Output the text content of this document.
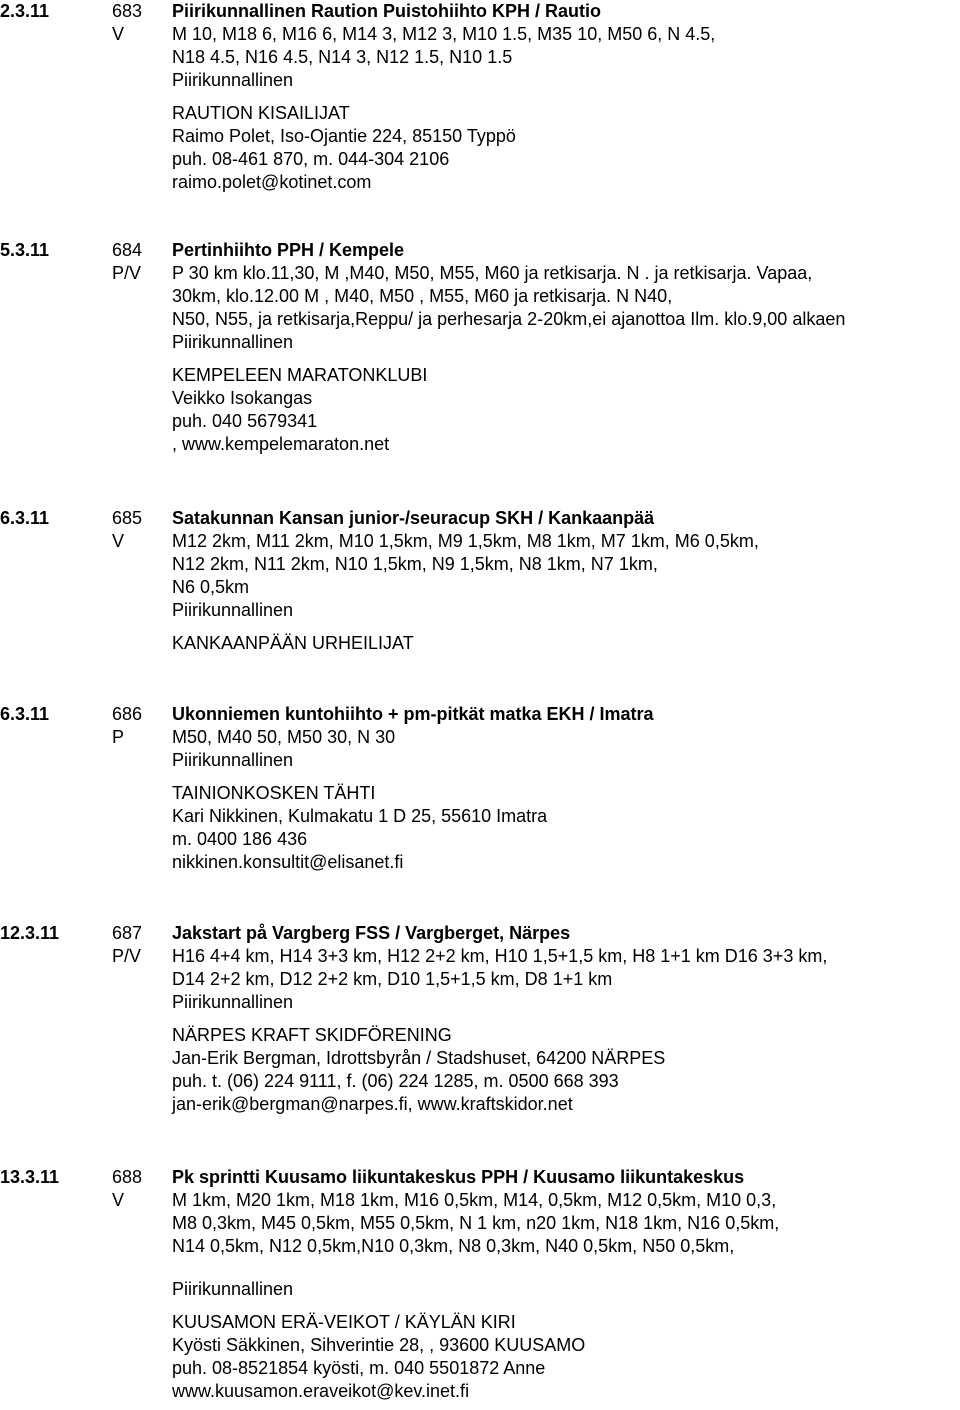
2.3.11	683
V
Piirikunnallinen Raution Puistohiihto KPH / Rautio
M 10, M18 6, M16 6, M14 3, M12 3, M10 1.5, M35 10, M50 6, N 4.5,
N18 4.5, N16 4.5, N14 3, N12 1.5, N10 1.5
Piirikunnallinen
RAUTION KISAILIJAT
Raimo Polet, Iso-Ojantie 224, 85150 Typpö
puh. 08-461 870, m. 044-304 2106
raimo.polet@kotinet.com
5.3.11	684
P/V
Pertinhiihto PPH / Kempele
P 30 km klo.11,30, M ,M40, M50, M55, M60 ja retkisarja. N . ja retkisarja. Vapaa,
30km, klo.12.00 M , M40, M50 , M55, M60 ja retkisarja. N N40,
N50, N55, ja retkisarja,Reppu/ ja perhesarja 2-20km,ei ajanottoa Ilm. klo.9,00 alkaen
Piirikunnallinen
KEMPELEEN MARATONKLUBI
Veikko Isokangas
puh. 040 5679341
, www.kempelemaraton.net
6.3.11	685
V
Satakunnan Kansan junior-/seuracup SKH / Kankaanpää
M12 2km, M11 2km, M10 1,5km, M9 1,5km, M8 1km, M7 1km, M6 0,5km,
N12 2km, N11 2km, N10 1,5km, N9 1,5km, N8 1km, N7 1km,
N6 0,5km
Piirikunnallinen
KANKAANPÄÄN URHEILIJAT
6.3.11	686
P
Ukonniemen kuntohiihto + pm-pitkät matka EKH / Imatra
M50, M40 50, M50 30, N 30
Piirikunnallinen
TAINIONKOSKEN TÄHTI
Kari Nikkinen, Kulmakatu 1 D 25, 55610 Imatra
m. 0400 186 436
nikkinen.konsultit@elisanet.fi
12.3.11	687
P/V
Jakstart på Vargberg FSS / Vargberget, Närpes
H16 4+4 km, H14 3+3 km, H12 2+2 km, H10 1,5+1,5 km, H8 1+1 km D16 3+3 km,
D14 2+2 km, D12 2+2 km, D10 1,5+1,5 km, D8 1+1 km
Piirikunnallinen
NÄRPES KRAFT SKIDFÖRENING
Jan-Erik Bergman, Idrottsbyrån / Stadshuset, 64200 NÄRPES
puh. t. (06) 224 9111, f. (06) 224 1285, m. 0500 668 393
jan-erik@bergman@narpes.fi, www.kraftskidor.net
13.3.11	688
V
Pk sprintti Kuusamo liikuntakeskus PPH / Kuusamo liikuntakeskus
M 1km, M20 1km, M18 1km, M16 0,5km, M14, 0,5km, M12 0,5km, M10 0,3,
M8 0,3km, M45 0,5km, M55 0,5km, N 1 km, n20 1km, N18 1km, N16 0,5km,
N14 0,5km, N12 0,5km,N10 0,3km, N8 0,3km, N40 0,5km, N50 0,5km,
Piirikunnallinen
KUUSAMON ERÄ-VEIKOT / KÄYLÄN KIRI
Kyösti Säkkinen, Sihverintie 28, , 93600 KUUSAMO
puh. 08-8521854 kyösti, m. 040 5501872 Anne
www.kuusamon.eraveikot@kev.inet.fi
